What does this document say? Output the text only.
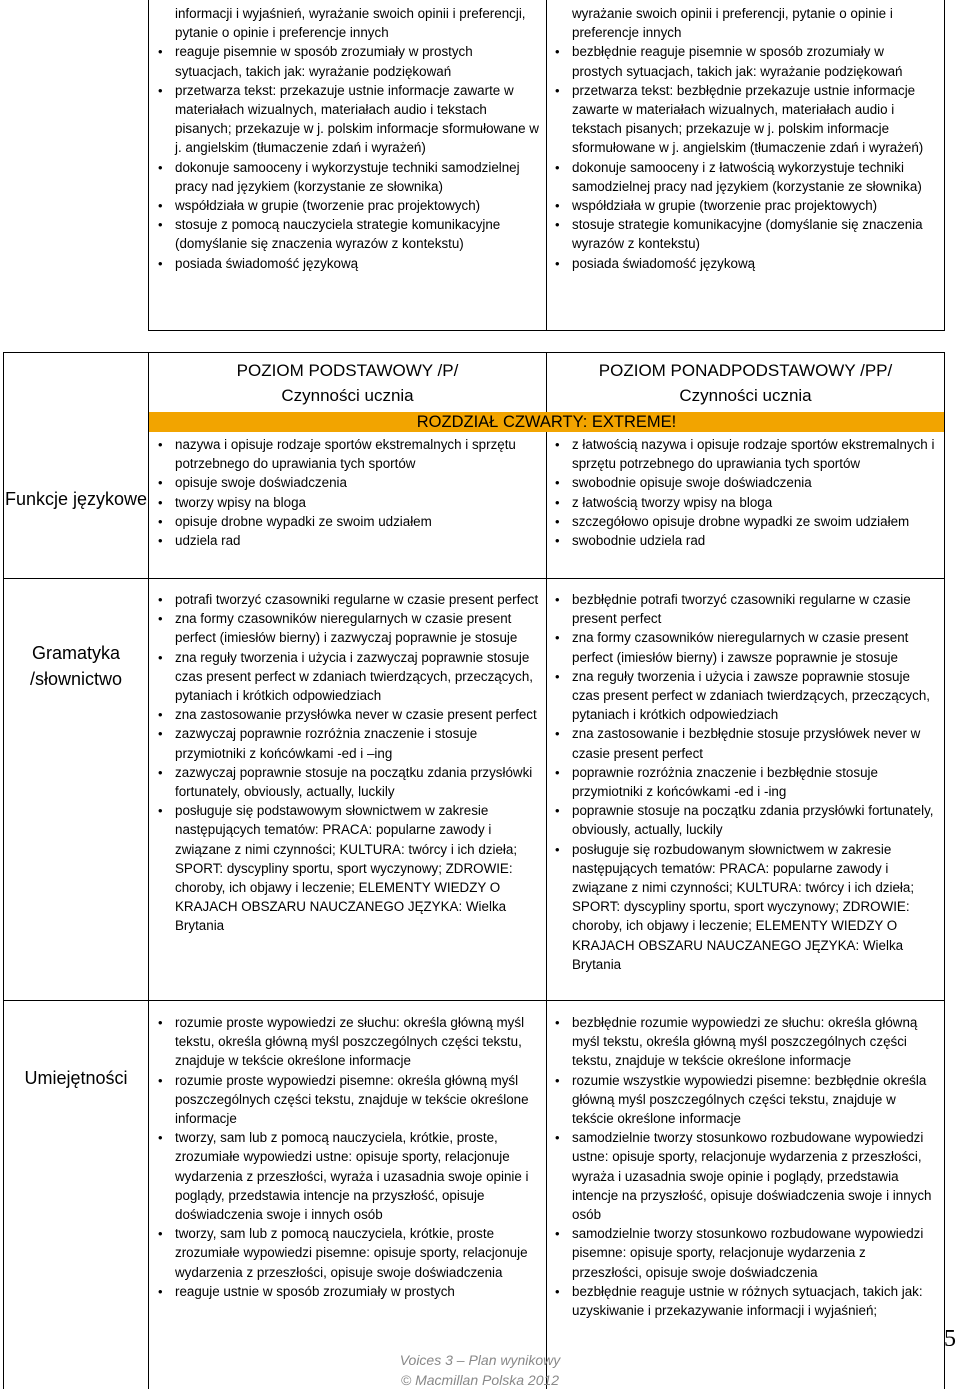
informacji i wyjaśnień, wyrażanie swoich opinii i preferencji, pytanie o opinie i preferencje innych
• reaguje pisemnie w sposób zrozumiały w prostych sytuacjach, takich jak: wyrażanie podziękowań
• przetwarza tekst: przekazuje ustnie informacje zawarte w materiałach wizualnych, materiałach audio i tekstach pisanych; przekazuje w j. polskim informacje sformułowane w j. angielskim (tłumaczenie zdań i wyrażeń)
• dokonuje samooceny i wykorzystuje techniki samodzielnej pracy nad językiem (korzystanie ze słownika)
• współdziała w grupie (tworzenie prac projektowych)
• stosuje z pomocą nauczyciela strategie komunikacyjne (domyślanie się znaczenia wyrazów z kontekstu)
• posiada świadomość językową
wyrażanie swoich opinii i preferencji, pytanie o opinie i preferencje innych
• bezbłędnie reaguje pisemnie w sposób zrozumiały w prostych sytuacjach, takich jak: wyrażanie podziękowań
• przetwarza tekst: bezbłędnie przekazuje ustnie informacje zawarte w materiałach wizualnych, materiałach audio i tekstach pisanych; przekazuje w j. polskim informacje sformułowane w j. angielskim (tłumaczenie zdań i wyrażeń)
• dokonuje samooceny i z łatwością wykorzystuje techniki samodzielnej pracy nad językiem (korzystanie ze słownika)
• współdziała w grupie (tworzenie prac projektowych)
• stosuje strategie komunikacyjne (domyślanie się znaczenia wyrazów z kontekstu)
• posiada świadomość językową
POZIOM PODSTAWOWY /P/
Czynności ucznia
POZIOM PONADPODSTAWOWY /PP/
Czynności ucznia
ROZDZIAŁ CZWARTY: EXTREME!
Funkcje językowe
Gramatyka /słownictwo
Umiejętności
• nazywa i opisuje rodzaje sportów ekstremalnych i sprzętu potrzebnego do uprawiania tych sportów
• opisuje swoje doświadczenia
• tworzy wpisy na bloga
• opisuje drobne wypadki ze swoim udziałem
• udziela rad
• z łatwością nazywa i opisuje rodzaje sportów ekstremalnych i sprzętu potrzebnego do uprawiania tych sportów
• swobodnie opisuje swoje doświadczenia
• z łatwością tworzy wpisy na bloga
• szczegółowo opisuje drobne wypadki ze swoim udziałem
• swobodnie udziela rad
• potrafi tworzyć czasowniki regularne w czasie present perfect
• zna formy czasowników nieregularnych w czasie present perfect (imiesłów bierny) i zazwyczaj poprawnie je stosuje
• zna reguły tworzenia i użycia i zazwyczaj poprawnie stosuje czas present perfect w zdaniach twierdzących, przeczących, pytaniach i krótkich odpowiedziach
• zna zastosowanie przysłówka never w czasie present perfect
• zazwyczaj poprawnie rozróżnia znaczenie i stosuje przymiotniki z końcówkami -ed i –ing
• zazwyczaj poprawnie stosuje na początku zdania przysłówki fortunately, obviously, actually, luckily
• posługuje się podstawowym słownictwem w zakresie następujących tematów: PRACA: popularne zawody i związane z nimi czynności; KULTURA: twórcy i ich dzieła; SPORT: dyscypliny sportu, sport wyczynowy; ZDROWIE: choroby, ich objawy i leczenie; ELEMENTY WIEDZY O KRAJACH OBSZARU NAUCZANEGO JĘZYKA: Wielka Brytania
• bezbłędnie potrafi tworzyć czasowniki regularne w czasie present perfect
• zna formy czasowników nieregularnych w czasie present perfect (imiesłów bierny) i zawsze poprawnie je stosuje
• zna reguły tworzenia i użycia i zawsze poprawnie stosuje czas present perfect w zdaniach twierdzących, przeczących, pytaniach i krótkich odpowiedziach
• zna zastosowanie i bezbłędnie stosuje przysłówek never w czasie present perfect
• poprawnie rozróżnia znaczenie i bezbłędnie stosuje przymiotniki z końcówkami -ed i -ing
• poprawnie stosuje na początku zdania przysłówki fortunately, obviously, actually, luckily
• posługuje się rozbudowanym słownictwem w zakresie następujących tematów: PRACA: popularne zawody i związane z nimi czynności; KULTURA: twórcy i ich dzieła; SPORT: dyscypliny sportu, sport wyczynowy; ZDROWIE: choroby, ich objawy i leczenie; ELEMENTY WIEDZY O KRAJACH OBSZARU NAUCZANEGO JĘZYKA: Wielka Brytania
• rozumie proste wypowiedzi ze słuchu: określa główną myśl tekstu, określa główną myśl poszczególnych części tekstu, znajduje w tekście określone informacje
• rozumie proste wypowiedzi pisemne: określa główną myśl poszczególnych części tekstu, znajduje w tekście określone informacje
• tworzy, sam lub z pomocą nauczyciela, krótkie, proste, zrozumiałe wypowiedzi ustne: opisuje sporty, relacjonuje wydarzenia z przeszłości, wyraża i uzasadnia swoje opinie i poglądy, przedstawia intencje na przyszłość, opisuje doświadczenia swoje i innych osób
• tworzy, sam lub z pomocą nauczyciela, krótkie, proste zrozumiałe wypowiedzi pisemne: opisuje sporty, relacjonuje wydarzenia z przeszłości, opisuje swoje doświadczenia
• reaguje ustnie w sposób zrozumiały w prostych
• bezbłędnie rozumie wypowiedzi ze słuchu: określa główną myśl tekstu, określa główną myśl poszczególnych części tekstu, znajduje w tekście określone informacje
• rozumie wszystkie wypowiedzi pisemne: bezbłędnie określa główną myśl poszczególnych części tekstu, znajduje w tekście określone informacje
• samodzielnie tworzy stosunkowo rozbudowane wypowiedzi ustne: opisuje sporty, relacjonuje wydarzenia z przeszłości, wyraża i uzasadnia swoje opinie i poglądy, przedstawia intencje na przyszłość, opisuje doświadczenia swoje i innych osób
• samodzielnie tworzy stosunkowo rozbudowane wypowiedzi pisemne: opisuje sporty, relacjonuje wydarzenia z przeszłości, opisuje swoje doświadczenia
• bezbłędnie reaguje ustnie w różnych sytuacjach, takich jak: uzyskiwanie i przekazywanie informacji i wyjaśnień;
Voices 3 – Plan wynikowy
© Macmillan Polska 2012
5
